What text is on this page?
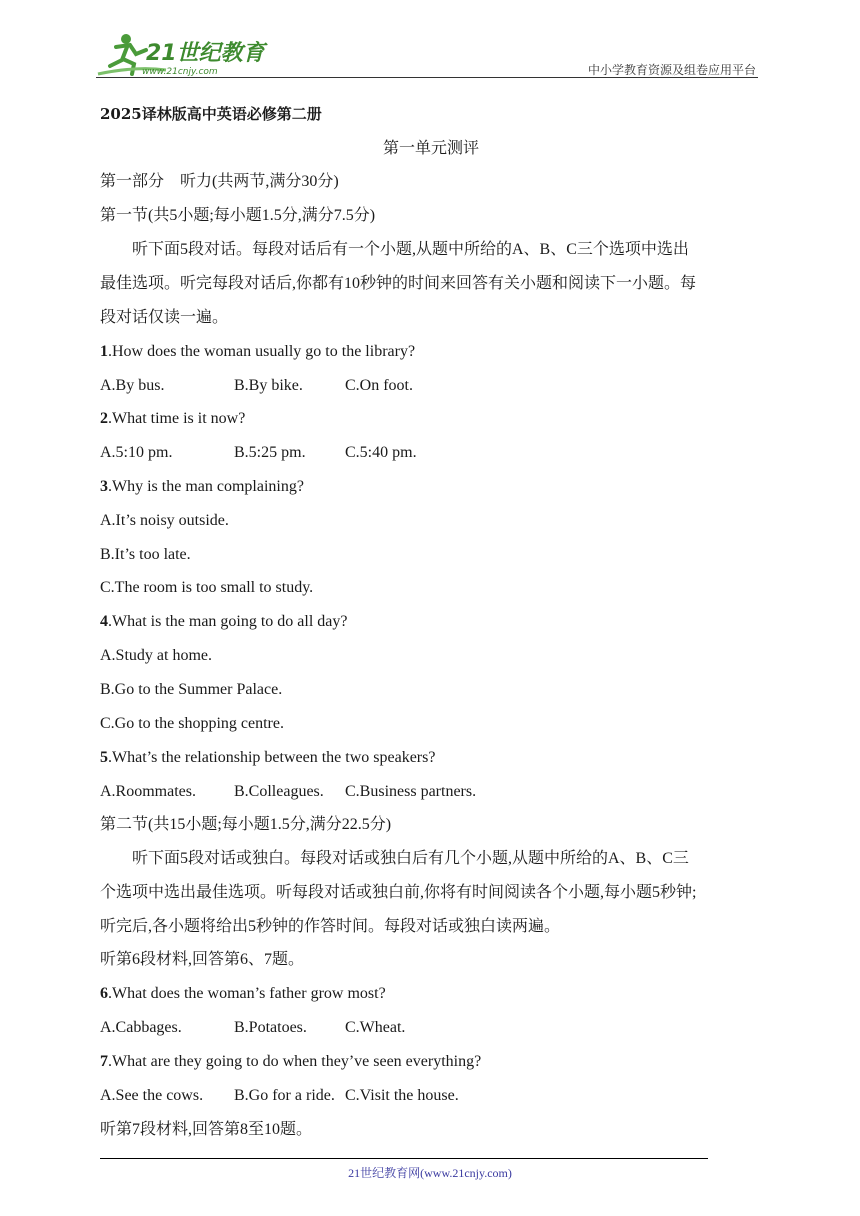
21世纪教育
www.21cnjy.com	中小学教育资源及组卷应用平台
2025译林版高中英语必修第二册
第一单元测评
第一部分　听力(共两节,满分30分)
第一节(共5小题;每小题1.5分,满分7.5分)
听下面5段对话。每段对话后有一个小题,从题中所给的A、B、C三个选项中选出
最佳选项。听完每段对话后,你都有10秒钟的时间来回答有关小题和阅读下一小题。每
段对话仅读一遍。
1.How does the woman usually go to the library?
A.By bus.	B.By bike.	C.On foot.
2.What time is it now?
A.5:10 pm.	B.5:25 pm. C.5:40 pm.
3.Why is the man complaining?
A.It’s noisy outside.
B.It’s too late.
C.The room is too small to study.
4.What is the man going to do all day?
A.Study at home.
B.Go to the Summer Palace.
C.Go to the shopping centre.
5.What’s the relationship between the two speakers?
A.Roommates. B.Colleagues. C.Business partners.
第二节(共15小题;每小题1.5分,满分22.5分)
听下面5段对话或独白。每段对话或独白后有几个小题,从题中所给的A、B、C三
个选项中选出最佳选项。听每段对话或独白前,你将有时间阅读各个小题,每小题5秒钟;
听完后,各小题将给出5秒钟的作答时间。每段对话或独白读两遍。
听第6段材料,回答第6、7题。
6.What does the woman’s father grow most?
A.Cabbages.	B.Potatoes. C.Wheat.
7.What are they going to do when they’ve seen everything?
A.See the cows. B.Go for a ride. C.Visit the house.
听第7段材料,回答第8至10题。
21世纪教育网(www.21cnjy.com)
